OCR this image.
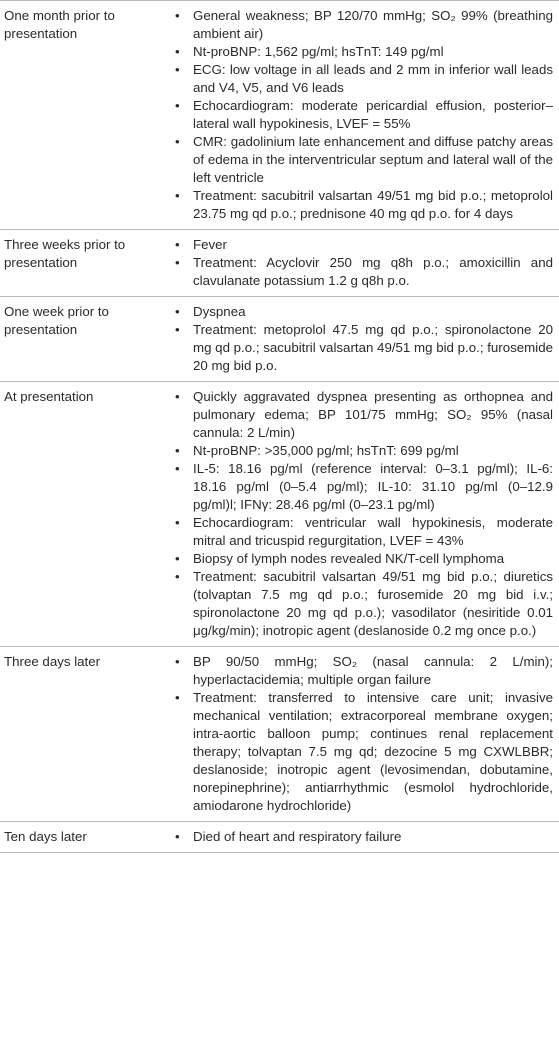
One month prior to presentation
•	General weakness; BP 120/70 mmHg; SO₂ 99% (breathing ambient air)
•	Nt-proBNP: 1,562 pg/ml; hsTnT: 149 pg/ml
•	ECG: low voltage in all leads and 2 mm in inferior wall leads and V4, V5, and V6 leads
•	Echocardiogram: moderate pericardial effusion, posterior–lateral wall hypokinesis, LVEF = 55%
•	CMR: gadolinium late enhancement and diffuse patchy areas of edema in the interventricular septum and lateral wall of the left ventricle
•	Treatment: sacubitril valsartan 49/51 mg bid p.o.; metoprolol 23.75 mg qd p.o.; prednisone 40 mg qd p.o. for 4 days
Three weeks prior to presentation
•	Fever
•	Treatment: Acyclovir 250 mg q8h p.o.; amoxicillin and clavulanate potassium 1.2 g q8h p.o.
One week prior to presentation
•	Dyspnea
•	Treatment: metoprolol 47.5 mg qd p.o.; spironolactone 20 mg qd p.o.; sacubitril valsartan 49/51 mg bid p.o.; furosemide 20 mg bid p.o.
At presentation	•	Quickly aggravated dyspnea presenting as orthopnea and pulmonary edema; BP 101/75 mmHg; SO₂ 95% (nasal cannula: 2 L/min)
•	Nt-proBNP: >35,000 pg/ml; hsTnT: 699 pg/ml
•	IL-5: 18.16 pg/ml (reference interval: 0–3.1 pg/ml); IL-6: 18.16 pg/ml (0–5.4 pg/ml); IL-10: 31.10 pg/ml (0–12.9 pg/ml)l; IFNγ: 28.46 pg/ml (0–23.1 pg/ml)
•	Echocardiogram: ventricular wall hypokinesis, moderate mitral and tricuspid regurgitation, LVEF = 43%
•	Biopsy of lymph nodes revealed NK/T-cell lymphoma
•	Treatment: sacubitril valsartan 49/51 mg bid p.o.; diuretics (tolvaptan 7.5 mg qd p.o.; furosemide 20 mg bid i.v.; spironolactone 20 mg qd p.o.); vasodilator (nesiritide 0.01 μg/kg/min); inotropic agent (deslanoside 0.2 mg once p.o.)
Three days later	•	BP 90/50 mmHg; SO₂ (nasal cannula: 2 L/min); hyperlactacidemia; multiple organ failure
•	Treatment: transferred to intensive care unit; invasive mechanical ventilation; extracorporeal membrane oxygen; intra-aortic balloon pump; continues renal replacement therapy; tolvaptan 7.5 mg qd; dezocine 5 mg CXWLBBR; deslanoside; inotropic agent (levosimendan, dobutamine, norepinephrine); antiarrhythmic (esmolol hydrochloride, amiodarone hydrochloride)
Ten days later	•	Died of heart and respiratory failure
